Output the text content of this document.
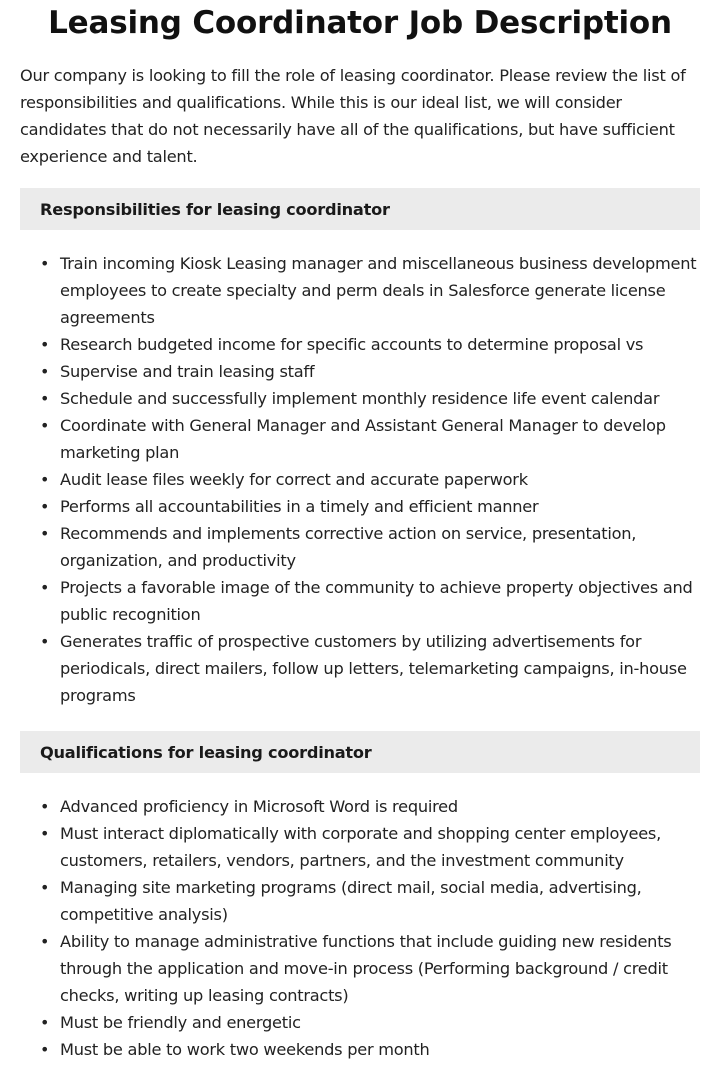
Leasing Coordinator Job Description

Our company is looking to fill the role of leasing coordinator. Please review the list of responsibilities and qualifications. While this is our ideal list, we will consider candidates that do not necessarily have all of the qualifications, but have sufficient experience and talent.

Responsibilities for leasing coordinator
• Train incoming Kiosk Leasing manager and miscellaneous business development employees to create specialty and perm deals in Salesforce generate license agreements
• Research budgeted income for specific accounts to determine proposal vs
• Supervise and train leasing staff
• Schedule and successfully implement monthly residence life event calendar
• Coordinate with General Manager and Assistant General Manager to develop marketing plan
• Audit lease files weekly for correct and accurate paperwork
• Performs all accountabilities in a timely and efficient manner
• Recommends and implements corrective action on service, presentation, organization, and productivity
• Projects a favorable image of the community to achieve property objectives and public recognition
• Generates traffic of prospective customers by utilizing advertisements for periodicals, direct mailers, follow up letters, telemarketing campaigns, in-house programs
Qualifications for leasing coordinator
• Advanced proficiency in Microsoft Word is required
• Must interact diplomatically with corporate and shopping center employees, customers, retailers, vendors, partners, and the investment community
• Managing site marketing programs (direct mail, social media, advertising, competitive analysis)
• Ability to manage administrative functions that include guiding new residents through the application and move-in process (Performing background / credit checks, writing up leasing contracts)
• Must be friendly and energetic
• Must be able to work two weekends per month
